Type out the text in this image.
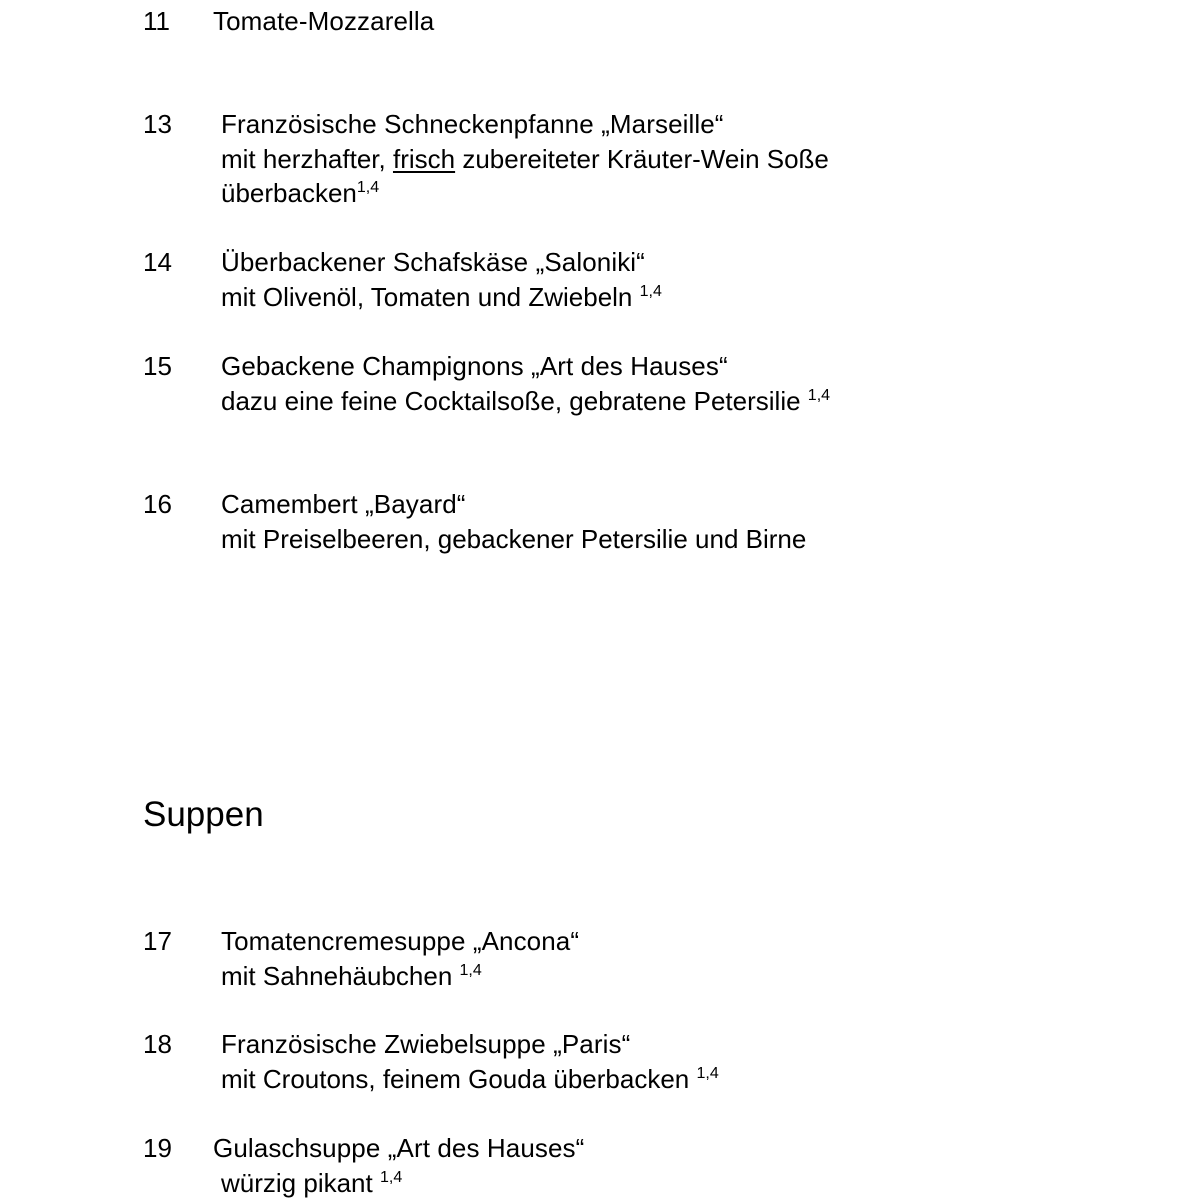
11 Tomate-Mozzarella
13 Französische Schneckenpfanne „Marseille“
mit herzhafter, frisch zubereiteter Kräuter-Wein Soße
überbacken$^{1,4}$
14 Überbackener Schafskäse „Saloniki“
mit Olivenöl, Tomaten und Zwiebeln $^{1,4}$
15 Gebackene Champignons „Art des Hauses“
dazu eine feine Cocktailsoße, gebratene Petersilie $^{1,4}$
16 Camembert „Bayard“
mit Preiselbeeren, gebackener Petersilie und Birne
Suppen
17 Tomatencremesuppe „Ancona“
mit Sahnehäubchen $^{1,4}$
18 Französische Zwiebelsuppe „Paris“
mit Croutons, feinem Gouda überbacken $^{1,4}$
19 Gulaschsuppe „Art des Hauses“
würzig pikant $^{1,4}$
